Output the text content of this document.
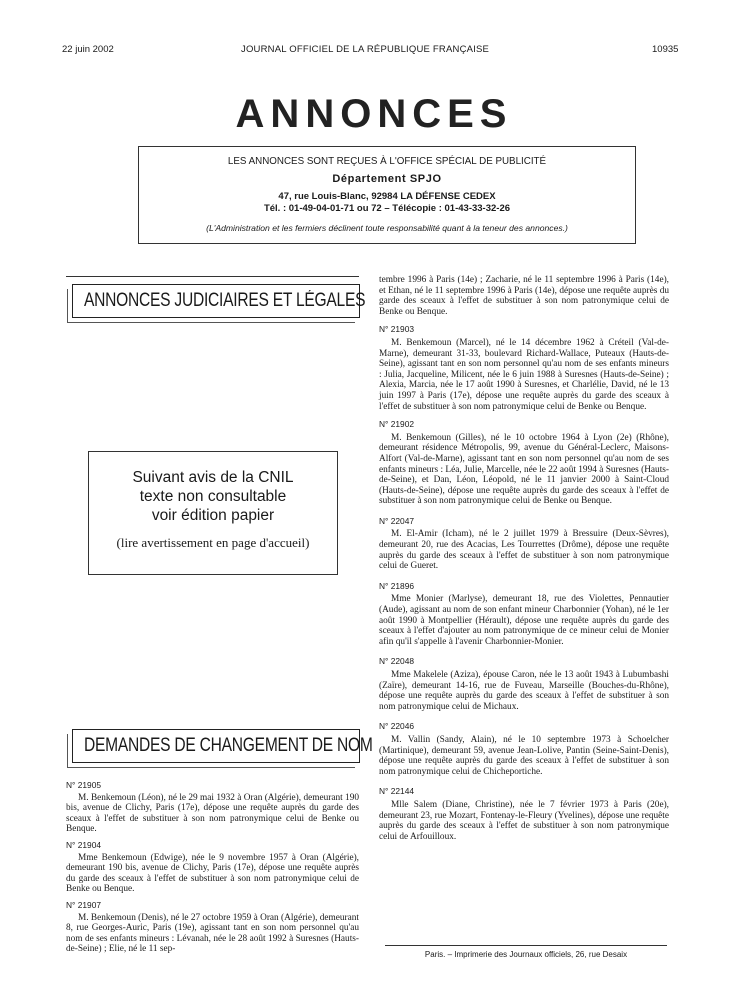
22 juin 2002	JOURNAL OFFICIEL DE LA RÉPUBLIQUE FRANÇAISE	10935
ANNONCES
LES ANNONCES SONT REÇUES À L'OFFICE SPÉCIAL DE PUBLICITÉ
Département SPJO
47, rue Louis-Blanc, 92984 LA DÉFENSE CEDEX
Tél. : 01-49-04-01-71 ou 72 – Télécopie : 01-43-33-32-26
(L'Administration et les fermiers déclinent toute responsabilité quant à la teneur des annonces.)
ANNONCES JUDICIAIRES ET LÉGALES
Suivant avis de la CNIL
texte non consultable
voir édition papier
(lire avertissement en page d'accueil)
DEMANDES DE CHANGEMENT DE NOM
N° 21905
M. Benkemoun (Léon), né le 29 mai 1932 à Oran (Algérie), demeurant 190 bis, avenue de Clichy, Paris (17e), dépose une requête auprès du garde des sceaux à l'effet de substituer à son nom patronymique celui de Benke ou Benque.
N° 21904
Mme Benkemoun (Edwige), née le 9 novembre 1957 à Oran (Algérie), demeurant 190 bis, avenue de Clichy, Paris (17e), dépose une requête auprès du garde des sceaux à l'effet de substituer à son nom patronymique celui de Benke ou Benque.
N° 21907
M. Benkemoun (Denis), né le 27 octobre 1959 à Oran (Algérie), demeurant 8, rue Georges-Auric, Paris (19e), agissant tant en son nom personnel qu'au nom de ses enfants mineurs : Lévanah, née le 28 août 1992 à Suresnes (Hauts-de-Seine) ; Elie, né le 11 sep-
tembre 1996 à Paris (14e) ; Zacharie, né le 11 septembre 1996 à Paris (14e), et Ethan, né le 11 septembre 1996 à Paris (14e), dépose une requête auprès du garde des sceaux à l'effet de substituer à son nom patronymique celui de Benke ou Benque.
N° 21903
M. Benkemoun (Marcel), né le 14 décembre 1962 à Créteil (Val-de-Marne), demeurant 31-33, boulevard Richard-Wallace, Puteaux (Hauts-de-Seine), agissant tant en son nom personnel qu'au nom de ses enfants mineurs : Julia, Jacqueline, Milicent, née le 6 juin 1988 à Suresnes (Hauts-de-Seine) ; Alexia, Marcia, née le 17 août 1990 à Suresnes, et Charlélie, David, né le 13 juin 1997 à Paris (17e), dépose une requête auprès du garde des sceaux à l'effet de substituer à son nom patronymique celui de Benke ou Benque.
N° 21902
M. Benkemoun (Gilles), né le 10 octobre 1964 à Lyon (2e) (Rhône), demeurant résidence Métropolis, 99, avenue du Général-Leclerc, Maisons-Alfort (Val-de-Marne), agissant tant en son nom personnel qu'au nom de ses enfants mineurs : Léa, Julie, Marcelle, née le 22 août 1994 à Suresnes (Hauts-de-Seine), et Dan, Léon, Léopold, né le 11 janvier 2000 à Saint-Cloud (Hauts-de-Seine), dépose une requête auprès du garde des sceaux à l'effet de substituer à son nom patronymique celui de Benke ou Benque.
N° 22047
M. El-Amir (Icham), né le 2 juillet 1979 à Bressuire (Deux-Sèvres), demeurant 20, rue des Acacias, Les Tourrettes (Drôme), dépose une requête auprès du garde des sceaux à l'effet de substituer à son nom patronymique celui de Gueret.
N° 21896
Mme Monier (Marlyse), demeurant 18, rue des Violettes, Pennautier (Aude), agissant au nom de son enfant mineur Charbonnier (Yohan), né le 1er août 1990 à Montpellier (Hérault), dépose une requête auprès du garde des sceaux à l'effet d'ajouter au nom patronymique de ce mineur celui de Monier afin qu'il s'appelle à l'avenir Charbonnier-Monier.
N° 22048
Mme Makelele (Aziza), épouse Caron, née le 13 août 1943 à Lubumbashi (Zaïre), demeurant 14-16, rue de Fuveau, Marseille (Bouches-du-Rhône), dépose une requête auprès du garde des sceaux à l'effet de substituer à son nom patronymique celui de Michaux.
N° 22046
M. Vallin (Sandy, Alain), né le 10 septembre 1973 à Schoelcher (Martinique), demeurant 59, avenue Jean-Lolive, Pantin (Seine-Saint-Denis), dépose une requête auprès du garde des sceaux à l'effet de substituer à son nom patronymique celui de Chicheportiche.
N° 22144
Mlle Salem (Diane, Christine), née le 7 février 1973 à Paris (20e), demeurant 23, rue Mozart, Fontenay-le-Fleury (Yvelines), dépose une requête auprès du garde des sceaux à l'effet de substituer à son nom patronymique celui de Arfouilloux.
Paris. – Imprimerie des Journaux officiels, 26, rue Desaix
